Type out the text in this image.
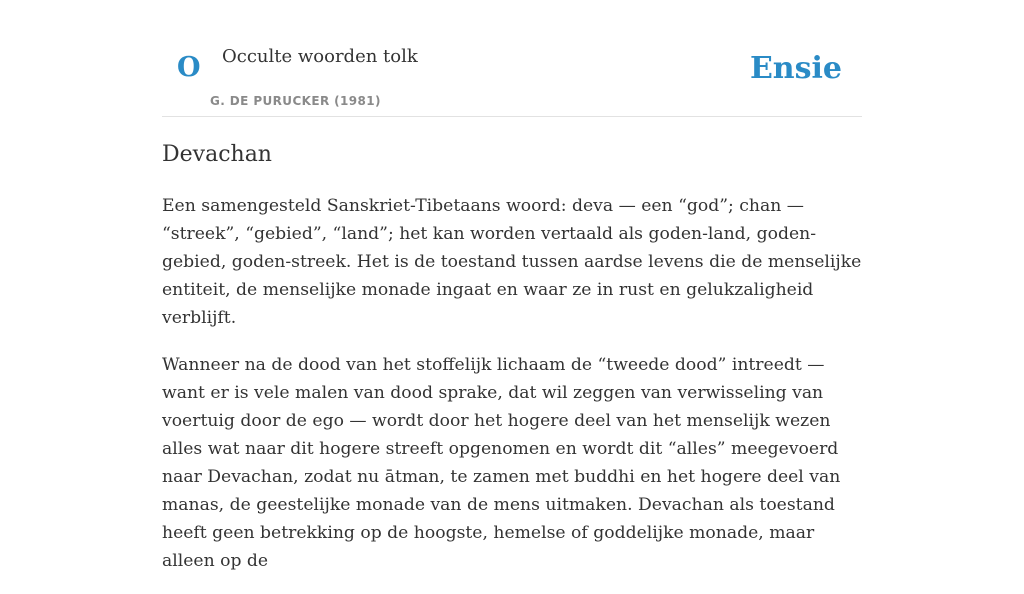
O Occulte woorden tolk
G. DE PURUCKER (1981)
Ensie
Devachan

Een samengesteld Sanskriet-Tibetaans woord: deva — een “god”; chan — “streek”, “gebied”, “land”; het kan worden vertaald als goden-land, goden-gebied, goden-streek. Het is de toestand tussen aardse levens die de menselijke entiteit, de menselijke monade ingaat en waar ze in rust en gelukzaligheid verblijft.

Wanneer na de dood van het stoffelijk lichaam de “tweede dood” intreedt — want er is vele malen van dood sprake, dat wil zeggen van verwisseling van voertuig door de ego — wordt door het hogere deel van het menselijk wezen alles wat naar dit hogere streeft opgenomen en wordt dit “alles” meegevoerd naar Devachan, zodat nu ātman, te zamen met buddhi en het hogere deel van manas, de geestelijke monade van de mens uitmaken. Devachan als toestand heeft geen betrekking op de hoogste, hemelse of goddelijke monade, maar alleen op de
